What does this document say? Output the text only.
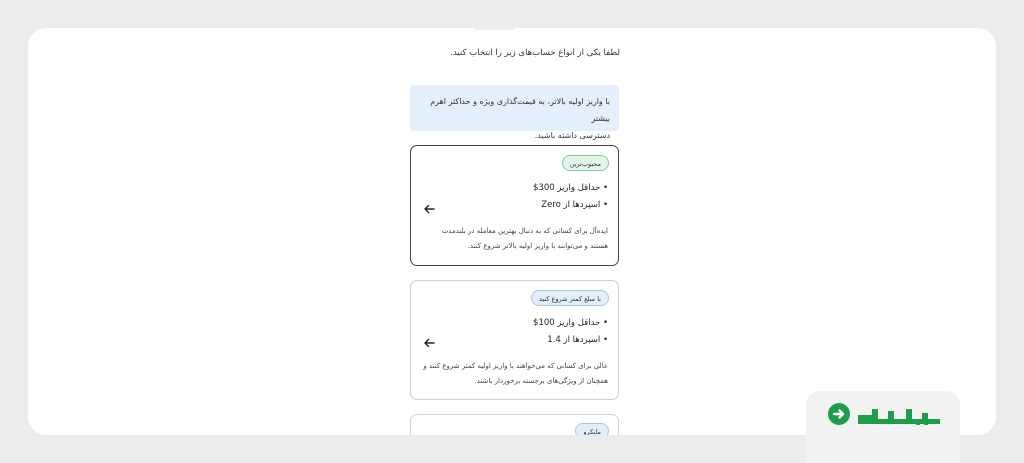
لطفا یکی از انواع حساب‌های زیر را انتخاب کنید.
با واریز اولیه بالاتر، به قیمت‌گذاری ویژه و حداکثر اهرم بیشتر
دسترسی داشته باشید.
محبوب‌ترین
• حداقل واریز 300$
• اسپردها از Zero
ایده‌آل برای کسانی که به دنبال بهترین معامله در بلندمدت
هستند و می‌توانند با واریز اولیه بالاتر شروع کنند.
با مبلغ کمتر شروع کنید
• حداقل واریز 100$
• اسپردها از 1.4
عالی برای کسانی که می‌خواهند با واریز اولیه کمتر شروع کنند و
همچنان از ویژگی‌های برجسته برخوردار باشند.
مایکرو
SODOUP
